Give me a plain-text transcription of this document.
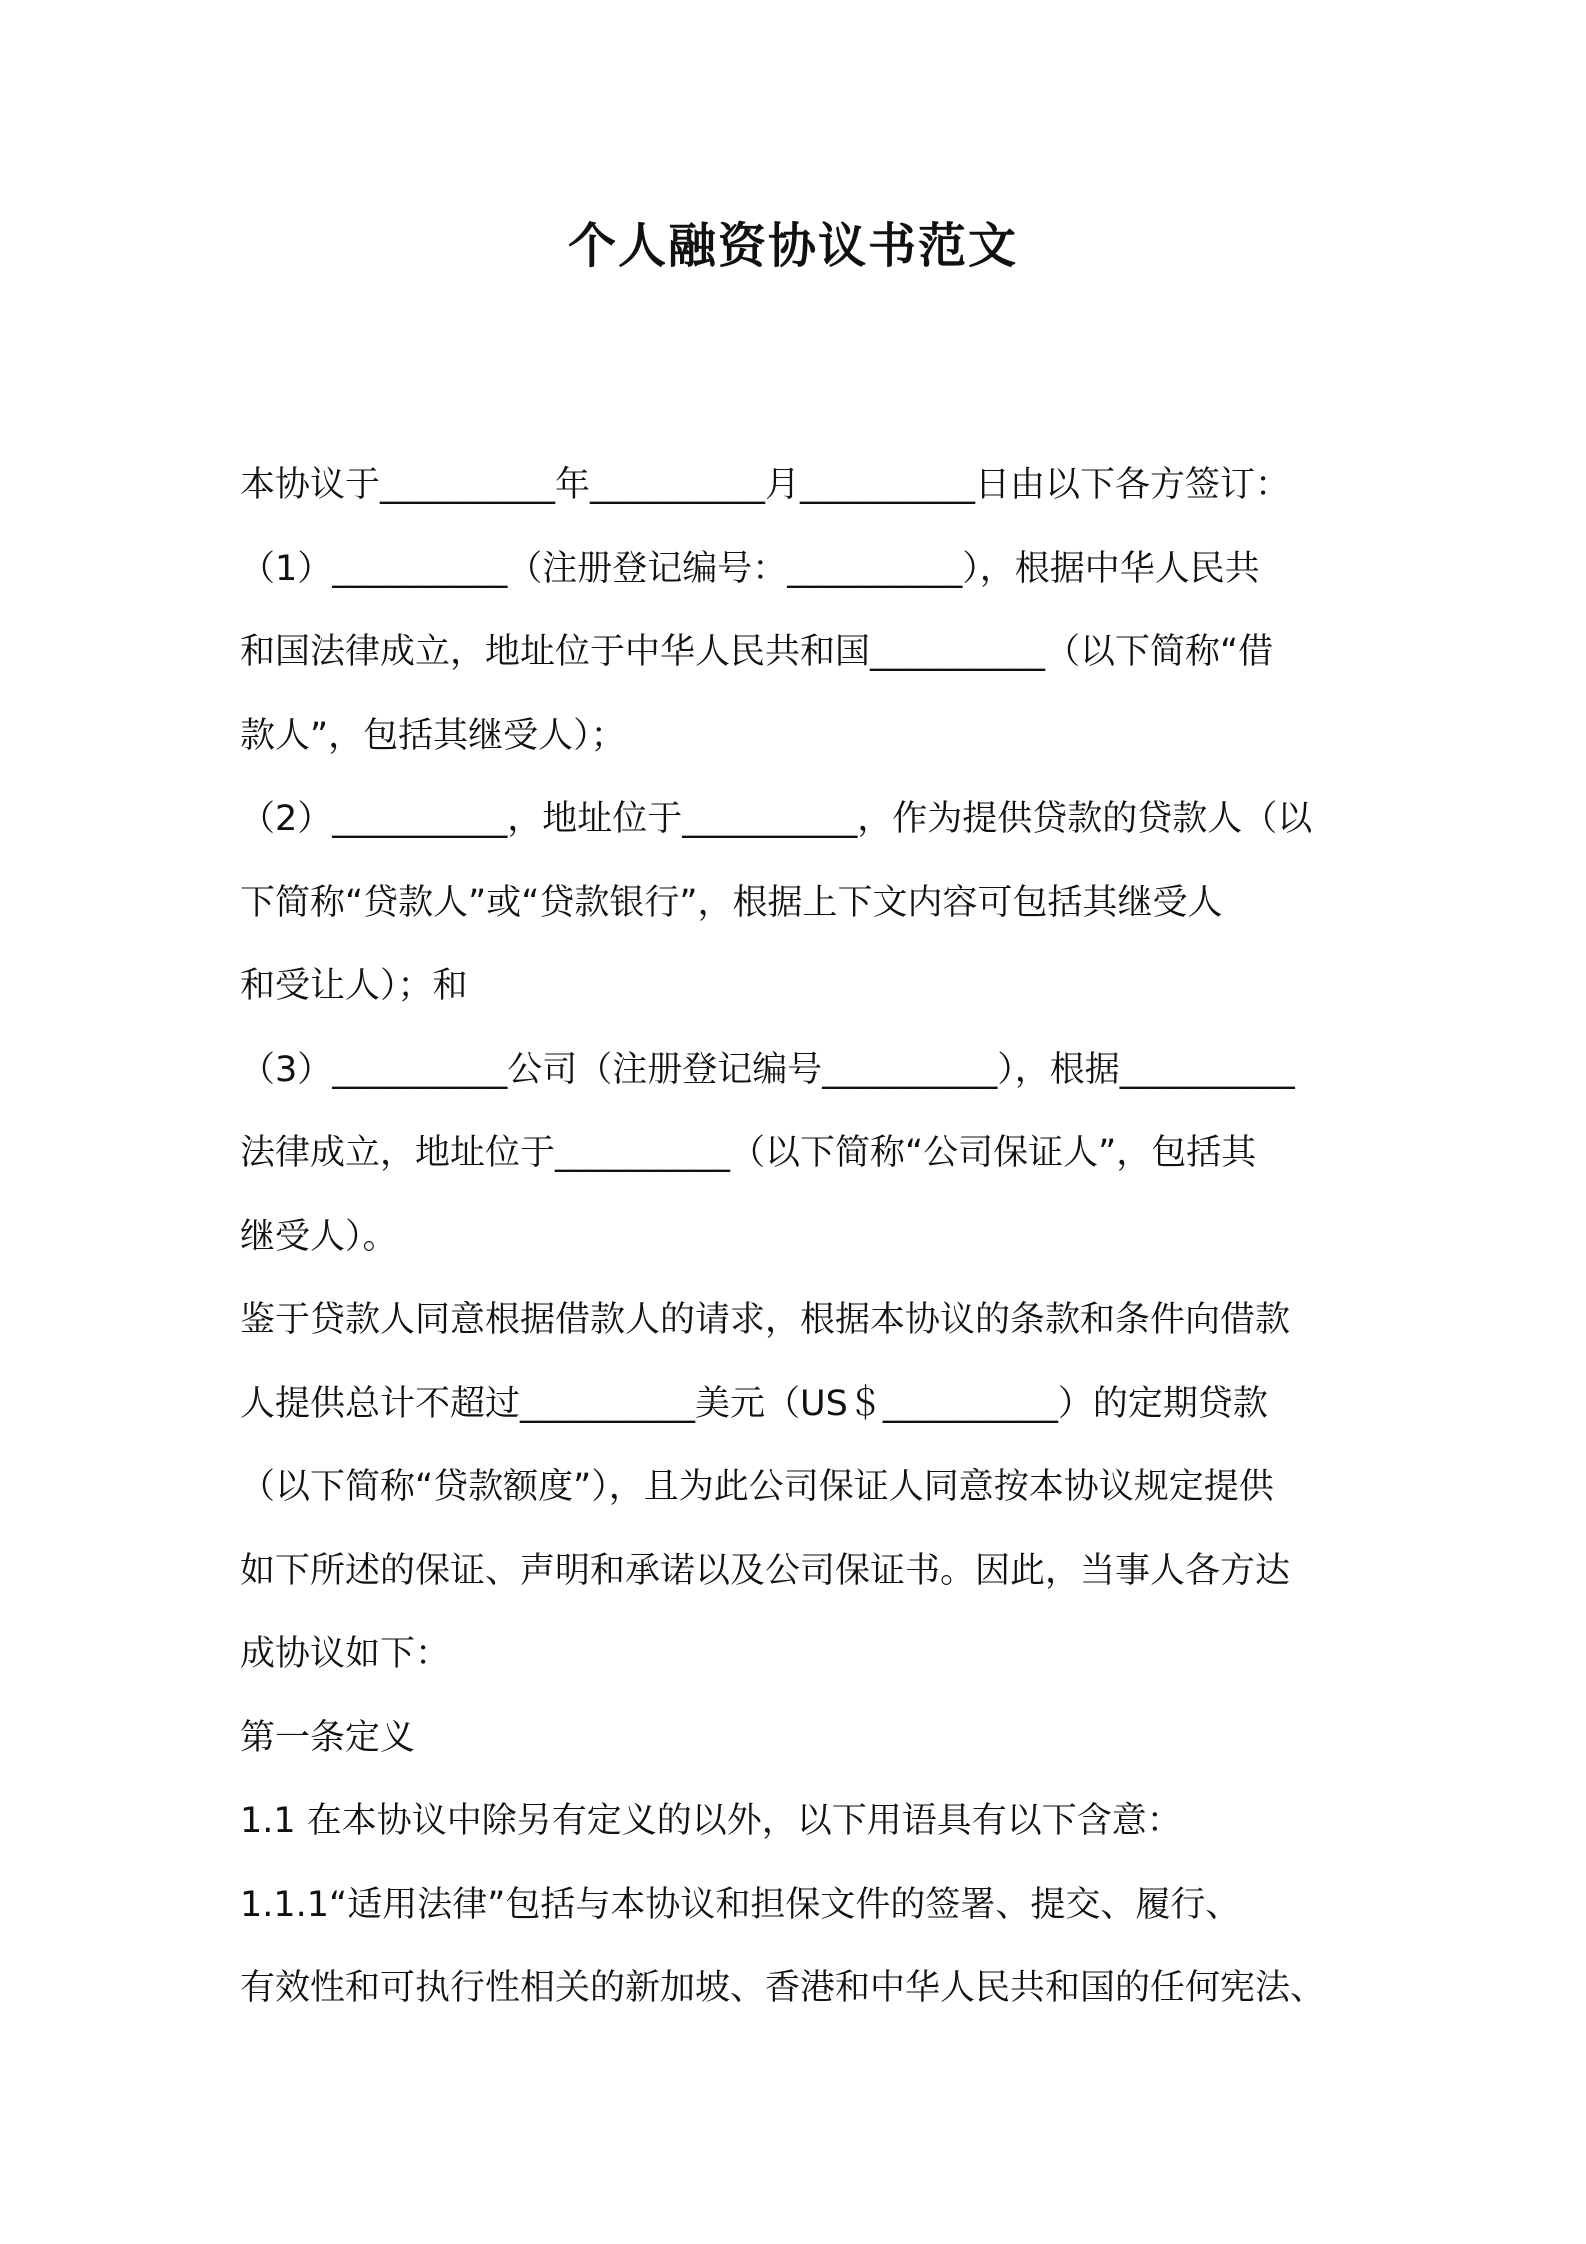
个人融资协议书范文
本协议于__________年__________月__________日由以下各方签订：
（1）__________（注册登记编号：__________），根据中华人民共
和国法律成立，地址位于中华人民共和国__________（以下简称“借
款人”，包括其继受人）；
（2）__________，地址位于__________，作为提供贷款的贷款人（以
下简称“贷款人”或“贷款银行”，根据上下文内容可包括其继受人
和受让人）；和
（3）__________公司（注册登记编号__________），根据__________
法律成立，地址位于__________（以下简称“公司保证人”，包括其
继受人）。
鉴于贷款人同意根据借款人的请求，根据本协议的条款和条件向借款
人提供总计不超过__________美元（US＄__________）的定期贷款
（以下简称“贷款额度”），且为此公司保证人同意按本协议规定提供
如下所述的保证、声明和承诺以及公司保证书。因此，当事人各方达
成协议如下：
第一条定义
1.1 在本协议中除另有定义的以外，以下用语具有以下含意：
1.1.1“适用法律”包括与本协议和担保文件的签署、提交、履行、
有效性和可执行性相关的新加坡、香港和中华人民共和国的任何宪法、
